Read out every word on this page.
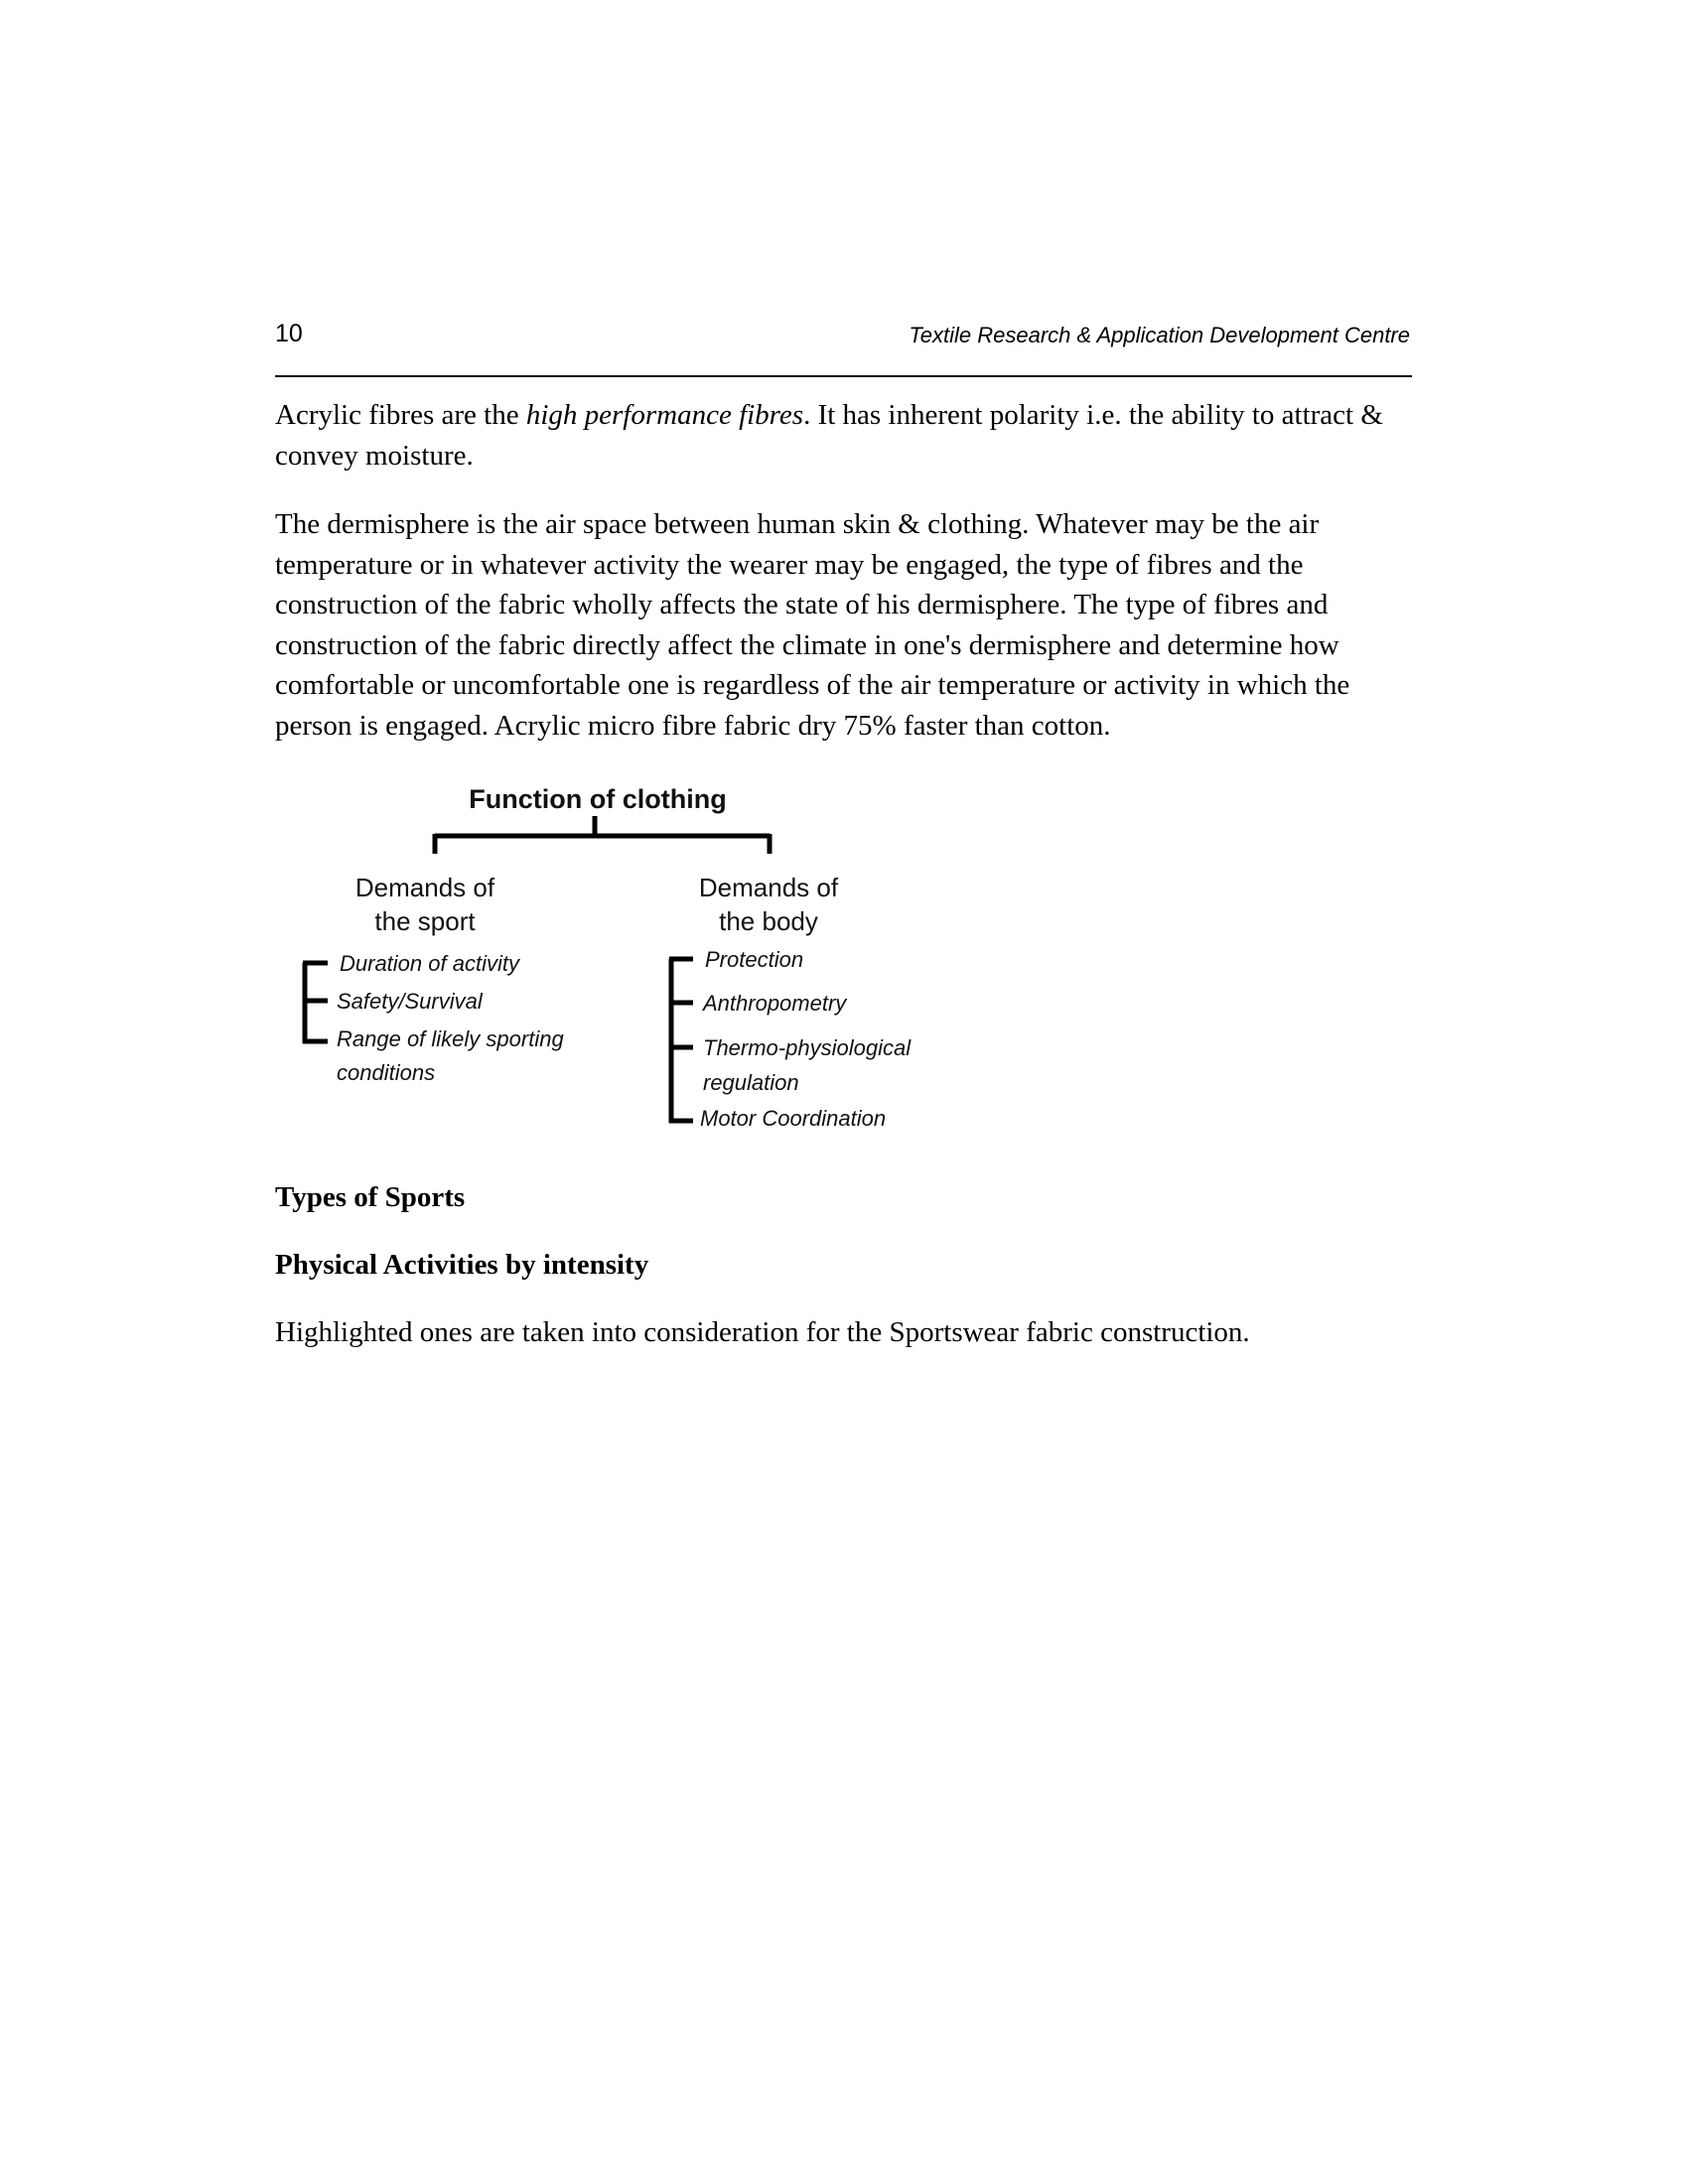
10	Textile Research & Application Development Centre

Acrylic fibres are the high performance fibres. It has inherent polarity i.e. the ability to attract & convey moisture.

The dermisphere is the air space between human skin & clothing. Whatever may be the air temperature or in whatever activity the wearer may be engaged, the type of fibres and the construction of the fabric wholly affects the state of his dermisphere. The type of fibres and construction of the fabric directly affect the climate in one's dermisphere and determine how comfortable or uncomfortable one is regardless of the air temperature or activity in which the person is engaged. Acrylic micro fibre fabric dry 75% faster than cotton.

Function of clothing
Demands of
the sport
Demands of
the body
Duration of activity
Safety/Survival
Range of likely sporting
conditions
Protection
Anthropometry
Thermo-physiological
regulation
Motor Coordination

Types of Sports

Physical Activities by intensity

Highlighted ones are taken into consideration for the Sportswear fabric construction.
